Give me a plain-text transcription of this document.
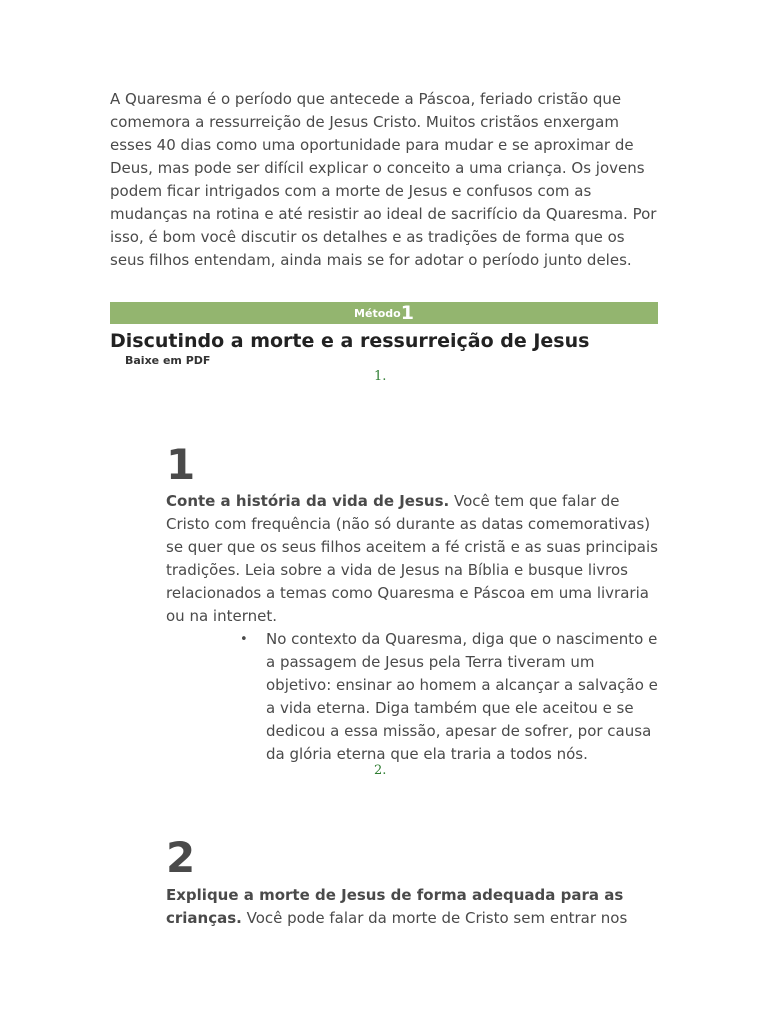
A Quaresma é o período que antecede a Páscoa, feriado cristão que comemora a ressurreição de Jesus Cristo. Muitos cristãos enxergam esses 40 dias como uma oportunidade para mudar e se aproximar de Deus, mas pode ser difícil explicar o conceito a uma criança. Os jovens podem ficar intrigados com a morte de Jesus e confusos com as mudanças na rotina e até resistir ao ideal de sacrifício da Quaresma. Por isso, é bom você discutir os detalhes e as tradições de forma que os seus filhos entendam, ainda mais se for adotar o período junto deles.

Método1
Discutindo a morte e a ressurreição de Jesus
Baixe em PDF
1.
1

Conte a história da vida de Jesus. Você tem que falar de Cristo com frequência (não só durante as datas comemorativas) se quer que os seus filhos aceitem a fé cristã e as suas principais tradições. Leia sobre a vida de Jesus na Bíblia e busque livros relacionados a temas como Quaresma e Páscoa em uma livraria ou na internet.

• No contexto da Quaresma, diga que o nascimento e a passagem de Jesus pela Terra tiveram um objetivo: ensinar ao homem a alcançar a salvação e a vida eterna. Diga também que ele aceitou e se dedicou a essa missão, apesar de sofrer, por causa da glória eterna que ela traria a todos nós.

2.
2

Explique a morte de Jesus de forma adequada para as crianças. Você pode falar da morte de Cristo sem entrar nos
